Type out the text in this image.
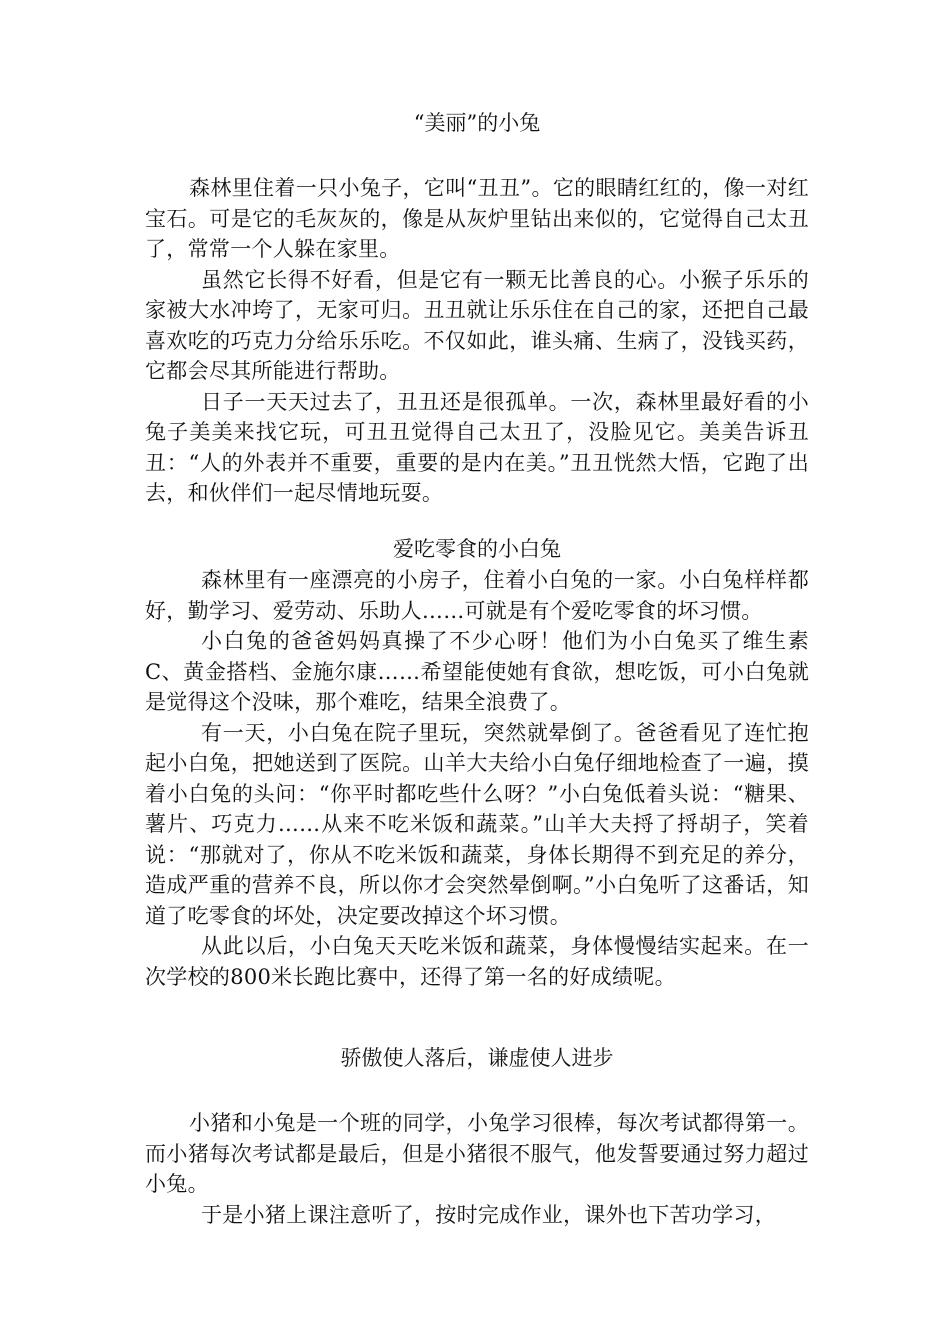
“美丽”的小兔

森林里住着一只小兔子，它叫“丑丑”。它的眼睛红红的，像一对红宝石。可是它的毛灰灰的，像是从灰炉里钻出来似的，它觉得自己太丑了，常常一个人躲在家里。

虽然它长得不好看，但是它有一颗无比善良的心。小猴子乐乐的家被大水冲垮了，无家可归。丑丑就让乐乐住在自己的家，还把自己最喜欢吃的巧克力分给乐乐吃。不仅如此，谁头痛、生病了，没钱买药，它都会尽其所能进行帮助。

日子一天天过去了，丑丑还是很孤单。一次，森林里最好看的小兔子美美来找它玩，可丑丑觉得自己太丑了，没脸见它。美美告诉丑丑：“人的外表并不重要，重要的是内在美。”丑丑恍然大悟，它跑了出去，和伙伴们一起尽情地玩耍。

爱吃零食的小白兔

森林里有一座漂亮的小房子，住着小白兔的一家。小白兔样样都好，勤学习、爱劳动、乐助人……可就是有个爱吃零食的坏习惯。

小白兔的爸爸妈妈真操了不少心呀！他们为小白兔买了维生素C、黄金搭档、金施尔康……希望能使她有食欲，想吃饭，可小白兔就是觉得这个没味，那个难吃，结果全浪费了。

有一天，小白兔在院子里玩，突然就晕倒了。爸爸看见了连忙抱起小白兔，把她送到了医院。山羊大夫给小白兔仔细地检查了一遍，摸着小白兔的头问：“你平时都吃些什么呀？”小白兔低着头说：“糖果、薯片、巧克力……从来不吃米饭和蔬菜。”山羊大夫捋了捋胡子，笑着说：“那就对了，你从不吃米饭和蔬菜，身体长期得不到充足的养分，造成严重的营养不良，所以你才会突然晕倒啊。”小白兔听了这番话，知道了吃零食的坏处，决定要改掉这个坏习惯。

从此以后，小白兔天天吃米饭和蔬菜，身体慢慢结实起来。在一次学校的800米长跑比赛中，还得了第一名的好成绩呢。

骄傲使人落后，谦虚使人进步

小猪和小兔是一个班的同学，小兔学习很棒，每次考试都得第一。而小猪每次考试都是最后，但是小猪很不服气，他发誓要通过努力超过小兔。

于是小猪上课注意听了，按时完成作业，课外也下苦功学习，
